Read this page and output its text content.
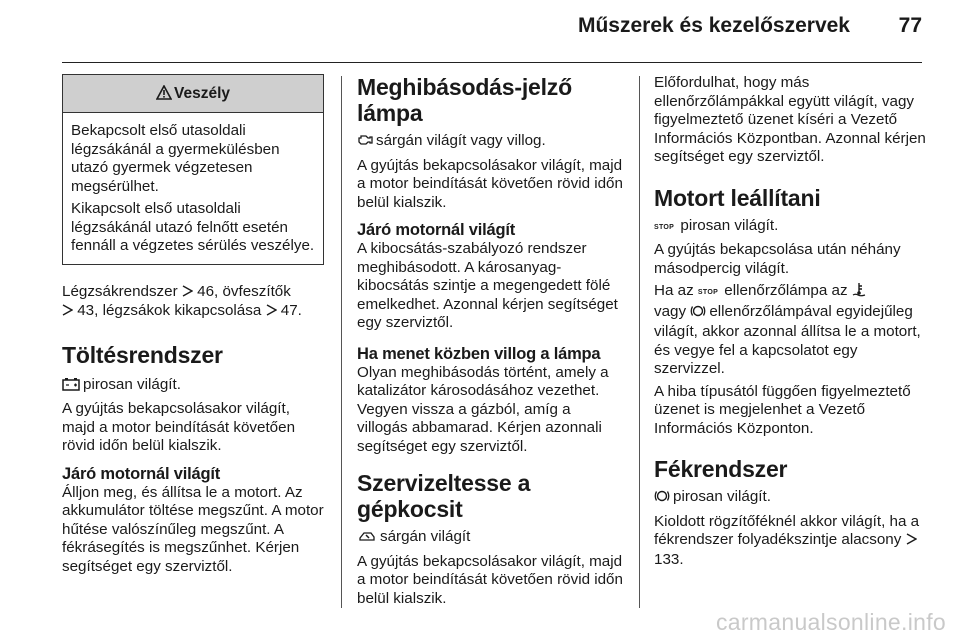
Műszerek és kezelőszervek 77
Veszély

Bekapcsolt első utasoldali légzsákánál a gyermekülésben utazó gyermek végzetesen megsérülhet.

Kikapcsolt első utasoldali légzsákánál utazó felnőtt esetén fennáll a végzetes sérülés veszélye.

Légzsákrendszer 46, övfeszítők
43, légzsákok kikapcsolása 47.

Töltésrendszer

pirosan világít.

A gyújtás bekapcsolásakor világít, majd a motor beindítását követően rövid időn belül kialszik.

Járó motornál világít

Álljon meg, és állítsa le a motort. Az akkumulátor töltése megszűnt. A motor hűtése valószínűleg megszűnt. A fékrásegítés is megszűnhet. Kérjen segítséget egy szerviztől.

Meghibásodás-jelző
lámpa

sárgán világít vagy villog.

A gyújtás bekapcsolásakor világít, majd a motor beindítását követően rövid időn belül kialszik.

Járó motornál világít

A kibocsátás-szabályozó rendszer meghibásodott. A károsanyag-kibocsátás szintje a megengedett fölé emelkedhet. Azonnal kérjen segítséget egy szerviztől.

Ha menet közben villog a lámpa

Olyan meghibásodás történt, amely a katalizátor károsodásához vezethet. Vegyen vissza a gázból, amíg a villogás abbamarad. Kérjen azonnali segítséget egy szerviztől.

Szervizeltesse a gépkocsit

sárgán világít

A gyújtás bekapcsolásakor világít, majd a motor beindítását követően rövid időn belül kialszik.

Előfordulhat, hogy más ellenőrzőlámpákkal együtt világít, vagy figyelmeztető üzenet kíséri a Vezető Információs Központban. Azonnal kérjen segítséget egy szerviztől.

Motort leállítani

STOP pirosan világít.

A gyújtás bekapcsolása után néhány másodpercig világít.

Ha az STOP ellenőrzőlámpa az
vagy ellenőrzőlámpával egyidejűleg világít, akkor azonnal állítsa le a motort, és vegye fel a kapcsolatot egy szervizzel.

A hiba típusától függően figyelmeztető üzenet is megjelenhet a Vezető Információs Központon.

Fékrendszer

pirosan világít.

Kioldott rögzítőféknél akkor világít, ha a fékrendszer folyadékszintje alacsony  133.

carmanualsonline.info
